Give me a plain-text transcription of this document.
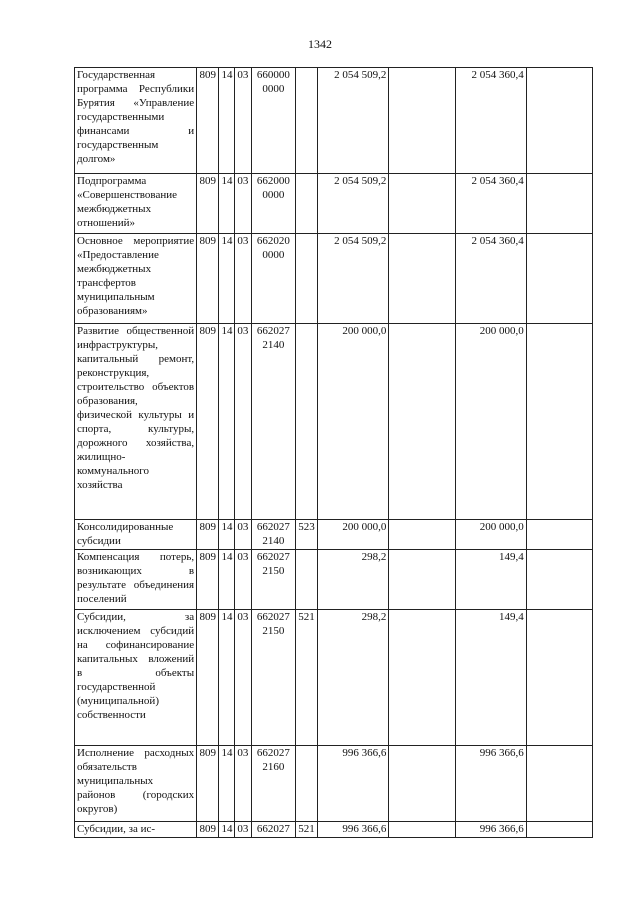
1342
Государственная программа Республики Бурятия «Управление государственными финансами и государственным долгом»	809	14	03	660000 0000		2 054 509,2		2 054 360,4	
Подпрограмма «Совершенствование межбюджетных отношений»	809	14	03	662000 0000		2 054 509,2		2 054 360,4	
Основное мероприятие «Предоставление межбюджетных трансфертов муниципальным образованиям»	809	14	03	662020 0000		2 054 509,2		2 054 360,4	
Развитие общественной инфраструктуры, капитальный ремонт, реконструкция, строительство объектов образования, физической культуры и спорта, культуры, дорожного хозяйства, жилищно-коммунального хозяйства	809	14	03	662027 2140		200 000,0		200 000,0	
Консолидированные субсидии	809	14	03	662027 2140	523	200 000,0		200 000,0	
Компенсация потерь, возникающих в результате объединения поселений	809	14	03	662027 2150		298,2		149,4	
Субсидии, за исключением субсидий на софинансирование капитальных вложений в объекты государственной (муниципальной) собственности	809	14	03	662027 2150	521	298,2		149,4	
Исполнение расходных обязательств муниципальных районов (городских округов)	809	14	03	662027 2160		996 366,6		996 366,6	
Субсидии, за ис-	809	14	03	662027	521	996 366,6		996 366,6	
